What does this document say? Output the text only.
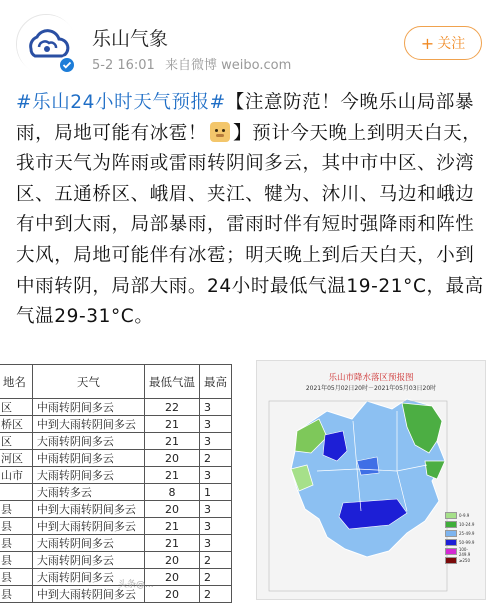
乐山气象
5-2 16:01 来自微博 weibo.com
+ 关注
#乐山24小时天气预报#【注意防范！今晚乐山局部暴雨，局地可能有冰雹！ 】预计今天晚上到明天白天，我市天气为阵雨或雷雨转阴间多云，其中市中区、沙湾区、五通桥区、峨眉、夹江、犍为、沐川、马边和峨边有中到大雨，局部暴雨，雷雨时伴有短时强降雨和阵性大风，局地可能伴有冰雹；明天晚上到后天白天，小到中雨转阴，局部大雨。24小时最低气温19-21°C，最高气温29-31°C。
地名	天气	最低气温	最高
区	中雨转阴间多云	22	3
桥区	中到大雨转阴间多云	21	3
区	大雨转阴间多云	21	3
河区	中雨转阴间多云	20	2
山市	大雨转阴间多云	21	3
	大雨转多云	8	1
县	中到大雨转阴间多云	20	3
县	中到大雨转阴间多云	21	3
县	大雨转阴间多云	21	3
县	大雨转阴间多云	20	2
县	大雨转阴间多云	20	2
县	中到大雨转阴间多云	20	2
乐山市降水落区预报图
2021年05月02日20时－2021年05月03日20时
0-9.9
10-24.9
25-49.9
50-99.9
100-249.9
≥250
头条@...
